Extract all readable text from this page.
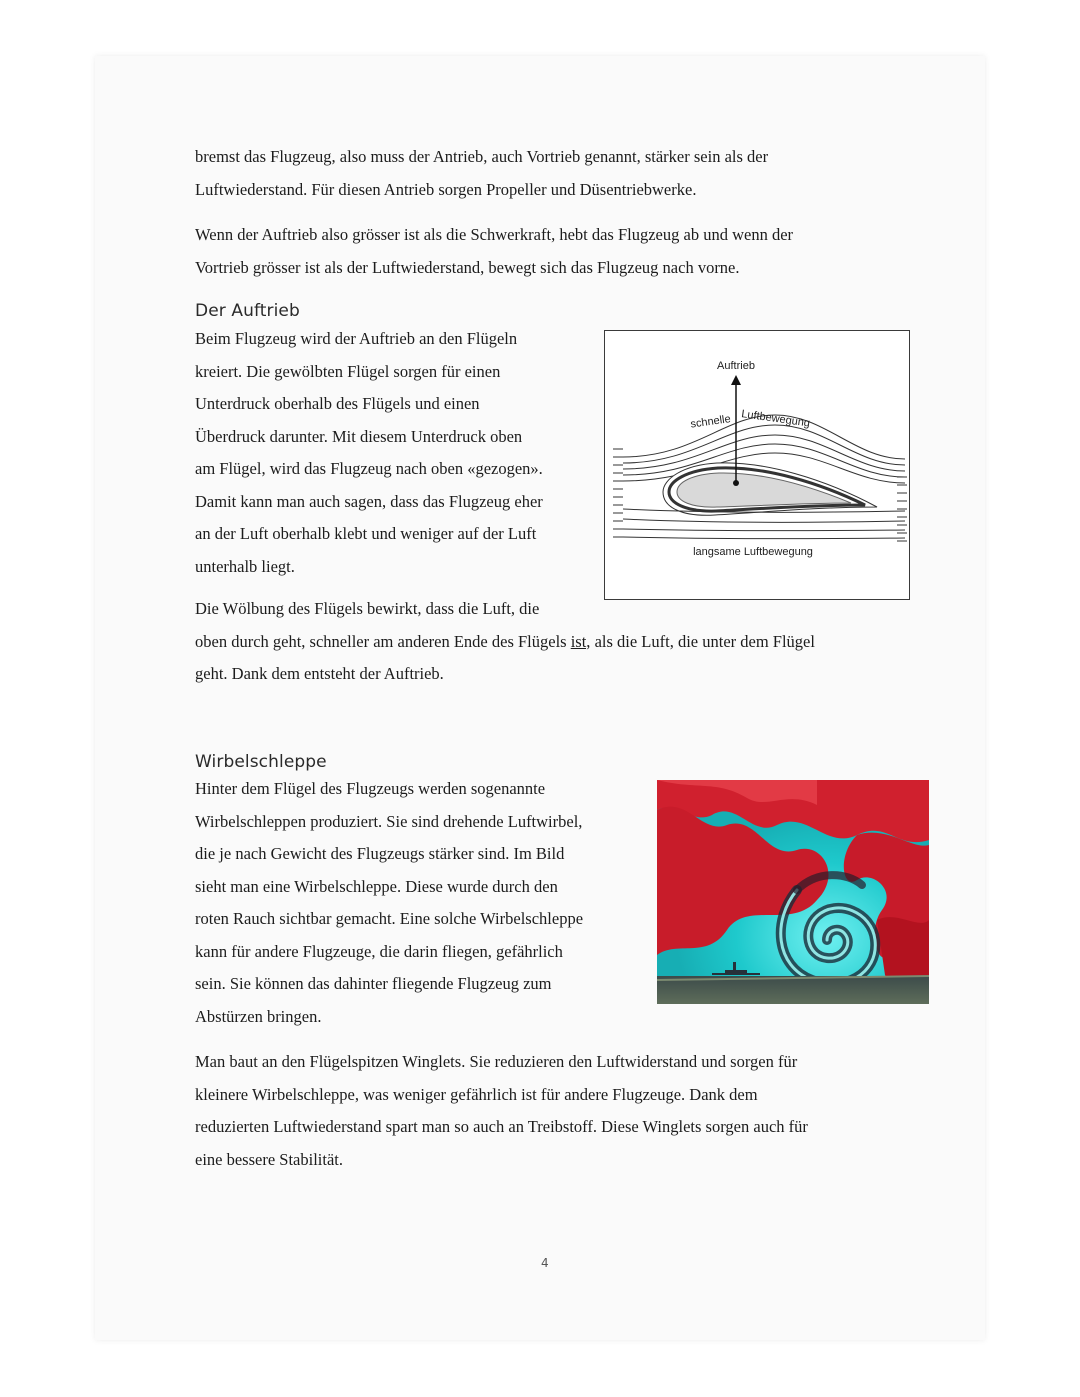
bremst das Flugzeug, also muss der Antrieb, auch Vortrieb genannt, stärker sein als der
Luftwiederstand. Für diesen Antrieb sorgen Propeller und Düsentriebwerke.

Wenn der Auftrieb also grösser ist als die Schwerkraft, hebt das Flugzeug ab und wenn der
Vortrieb grösser ist als der Luftwiederstand, bewegt sich das Flugzeug nach vorne.

Der Auftrieb

Beim Flugzeug wird der Auftrieb an den Flügeln
kreiert. Die gewölbten Flügel sorgen für einen
Unterdruck oberhalb des Flügels und einen
Überdruck darunter. Mit diesem Unterdruck oben
am Flügel, wird das Flugzeug nach oben «gezogen».
Damit kann man auch sagen, dass das Flugzeug eher
an der Luft oberhalb klebt und weniger auf der Luft
unterhalb liegt.

Auftrieb
schnelle Luftbewegung
langsame Luftbewegung

Die Wölbung des Flügels bewirkt, dass die Luft, die
oben durch geht, schneller am anderen Ende des Flügels ist, als die Luft, die unter dem Flügel
geht. Dank dem entsteht der Auftrieb.

Wirbelschleppe

Hinter dem Flügel des Flugzeugs werden sogenannte
Wirbelschleppen produziert. Sie sind drehende Luftwirbel,
die je nach Gewicht des Flugzeugs stärker sind. Im Bild
sieht man eine Wirbelschleppe. Diese wurde durch den
roten Rauch sichtbar gemacht. Eine solche Wirbelschleppe
kann für andere Flugzeuge, die darin fliegen, gefährlich
sein. Sie können das dahinter fliegende Flugzeug zum
Abstürzen bringen.

Man baut an den Flügelspitzen Winglets. Sie reduzieren den Luftwiderstand und sorgen für
kleinere Wirbelschleppe, was weniger gefährlich ist für andere Flugzeuge. Dank dem
reduzierten Luftwiederstand spart man so auch an Treibstoff. Diese Winglets sorgen auch für
eine bessere Stabilität.

4
